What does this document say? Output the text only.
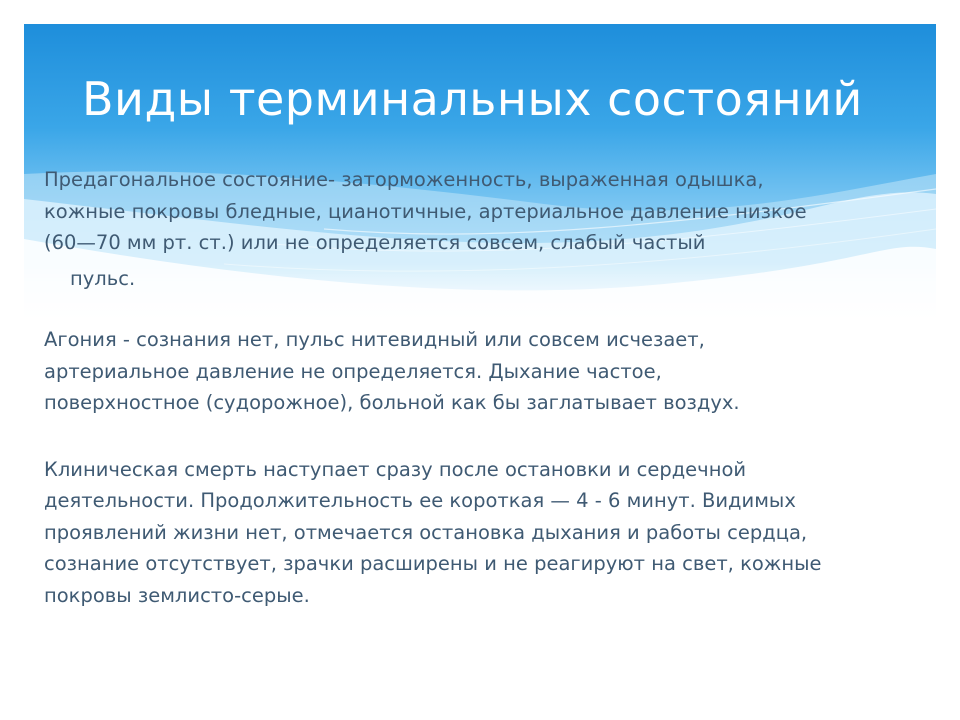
Виды терминальных состояний

Предагональное состояние- заторможенность, выраженная одышка,
кожные покровы бледные, цианотичные, артериальное давление низкое
(60—70 мм рт. ст.) или не определяется совсем, слабый частый
пульс.

Агония - сознания нет, пульс нитевидный или совсем исчезает,
артериальное давление не определяется. Дыхание частое,
поверхностное (судорожное), больной как бы заглатывает воздух.

Клиническая смерть наступает сразу после остановки и сердечной
деятельности. Продолжительность ее короткая — 4 - 6 минут. Видимых
проявлений жизни нет, отмечается остановка дыхания и работы сердца,
сознание отсутствует, зрачки расширены и не реагируют на свет, кожные
покровы землисто-серые.
